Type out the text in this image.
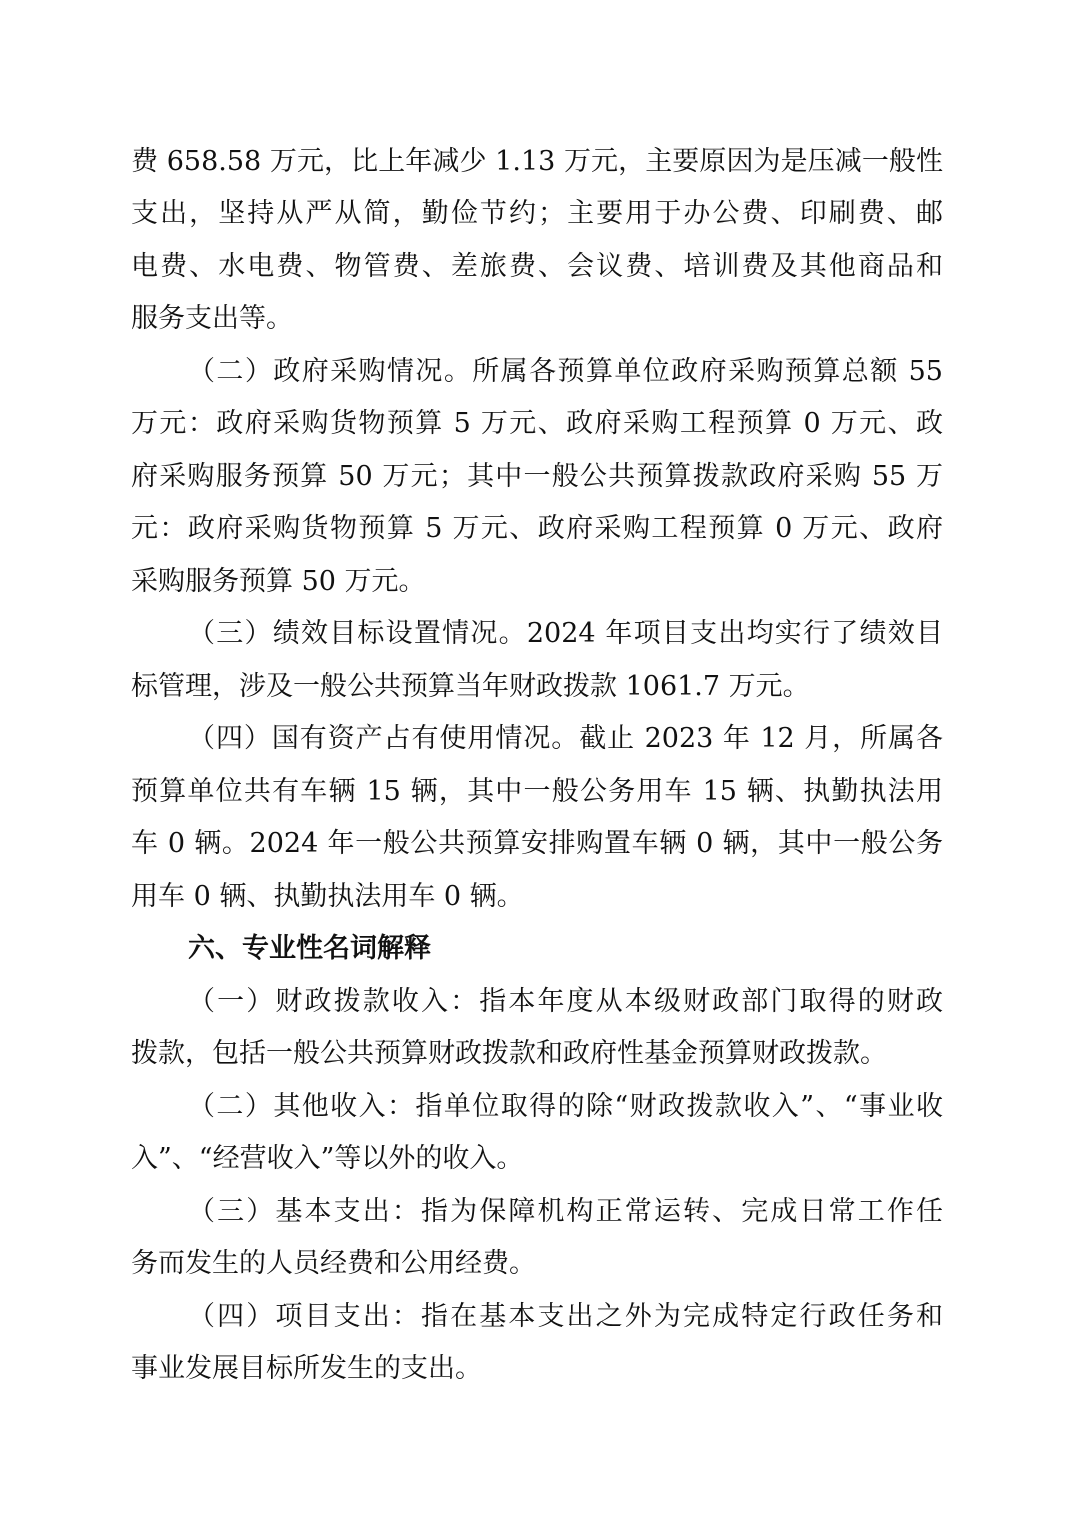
费 658.58 万元，比上年减少 1.13 万元，主要原因为是压减一般性
支出，坚持从严从简，勤俭节约；主要用于办公费、印刷费、邮
电费、水电费、物管费、差旅费、会议费、培训费及其他商品和
服务支出等。
（二）政府采购情况。所属各预算单位政府采购预算总额 55
万元：政府采购货物预算 5 万元、政府采购工程预算 0 万元、政
府采购服务预算 50 万元；其中一般公共预算拨款政府采购 55 万
元：政府采购货物预算 5 万元、政府采购工程预算 0 万元、政府
采购服务预算 50 万元。
（三）绩效目标设置情况。2024 年项目支出均实行了绩效目
标管理，涉及一般公共预算当年财政拨款 1061.7 万元。
（四）国有资产占有使用情况。截止 2023 年 12 月，所属各
预算单位共有车辆 15 辆，其中一般公务用车 15 辆、执勤执法用
车 0 辆。2024 年一般公共预算安排购置车辆 0 辆，其中一般公务
用车 0 辆、执勤执法用车 0 辆。
六、专业性名词解释
（一）财政拨款收入：指本年度从本级财政部门取得的财政
拨款，包括一般公共预算财政拨款和政府性基金预算财政拨款。
（二）其他收入：指单位取得的除“财政拨款收入”、“事业收
入”、“经营收入”等以外的收入。
（三）基本支出：指为保障机构正常运转、完成日常工作任
务而发生的人员经费和公用经费。
（四）项目支出：指在基本支出之外为完成特定行政任务和
事业发展目标所发生的支出。
